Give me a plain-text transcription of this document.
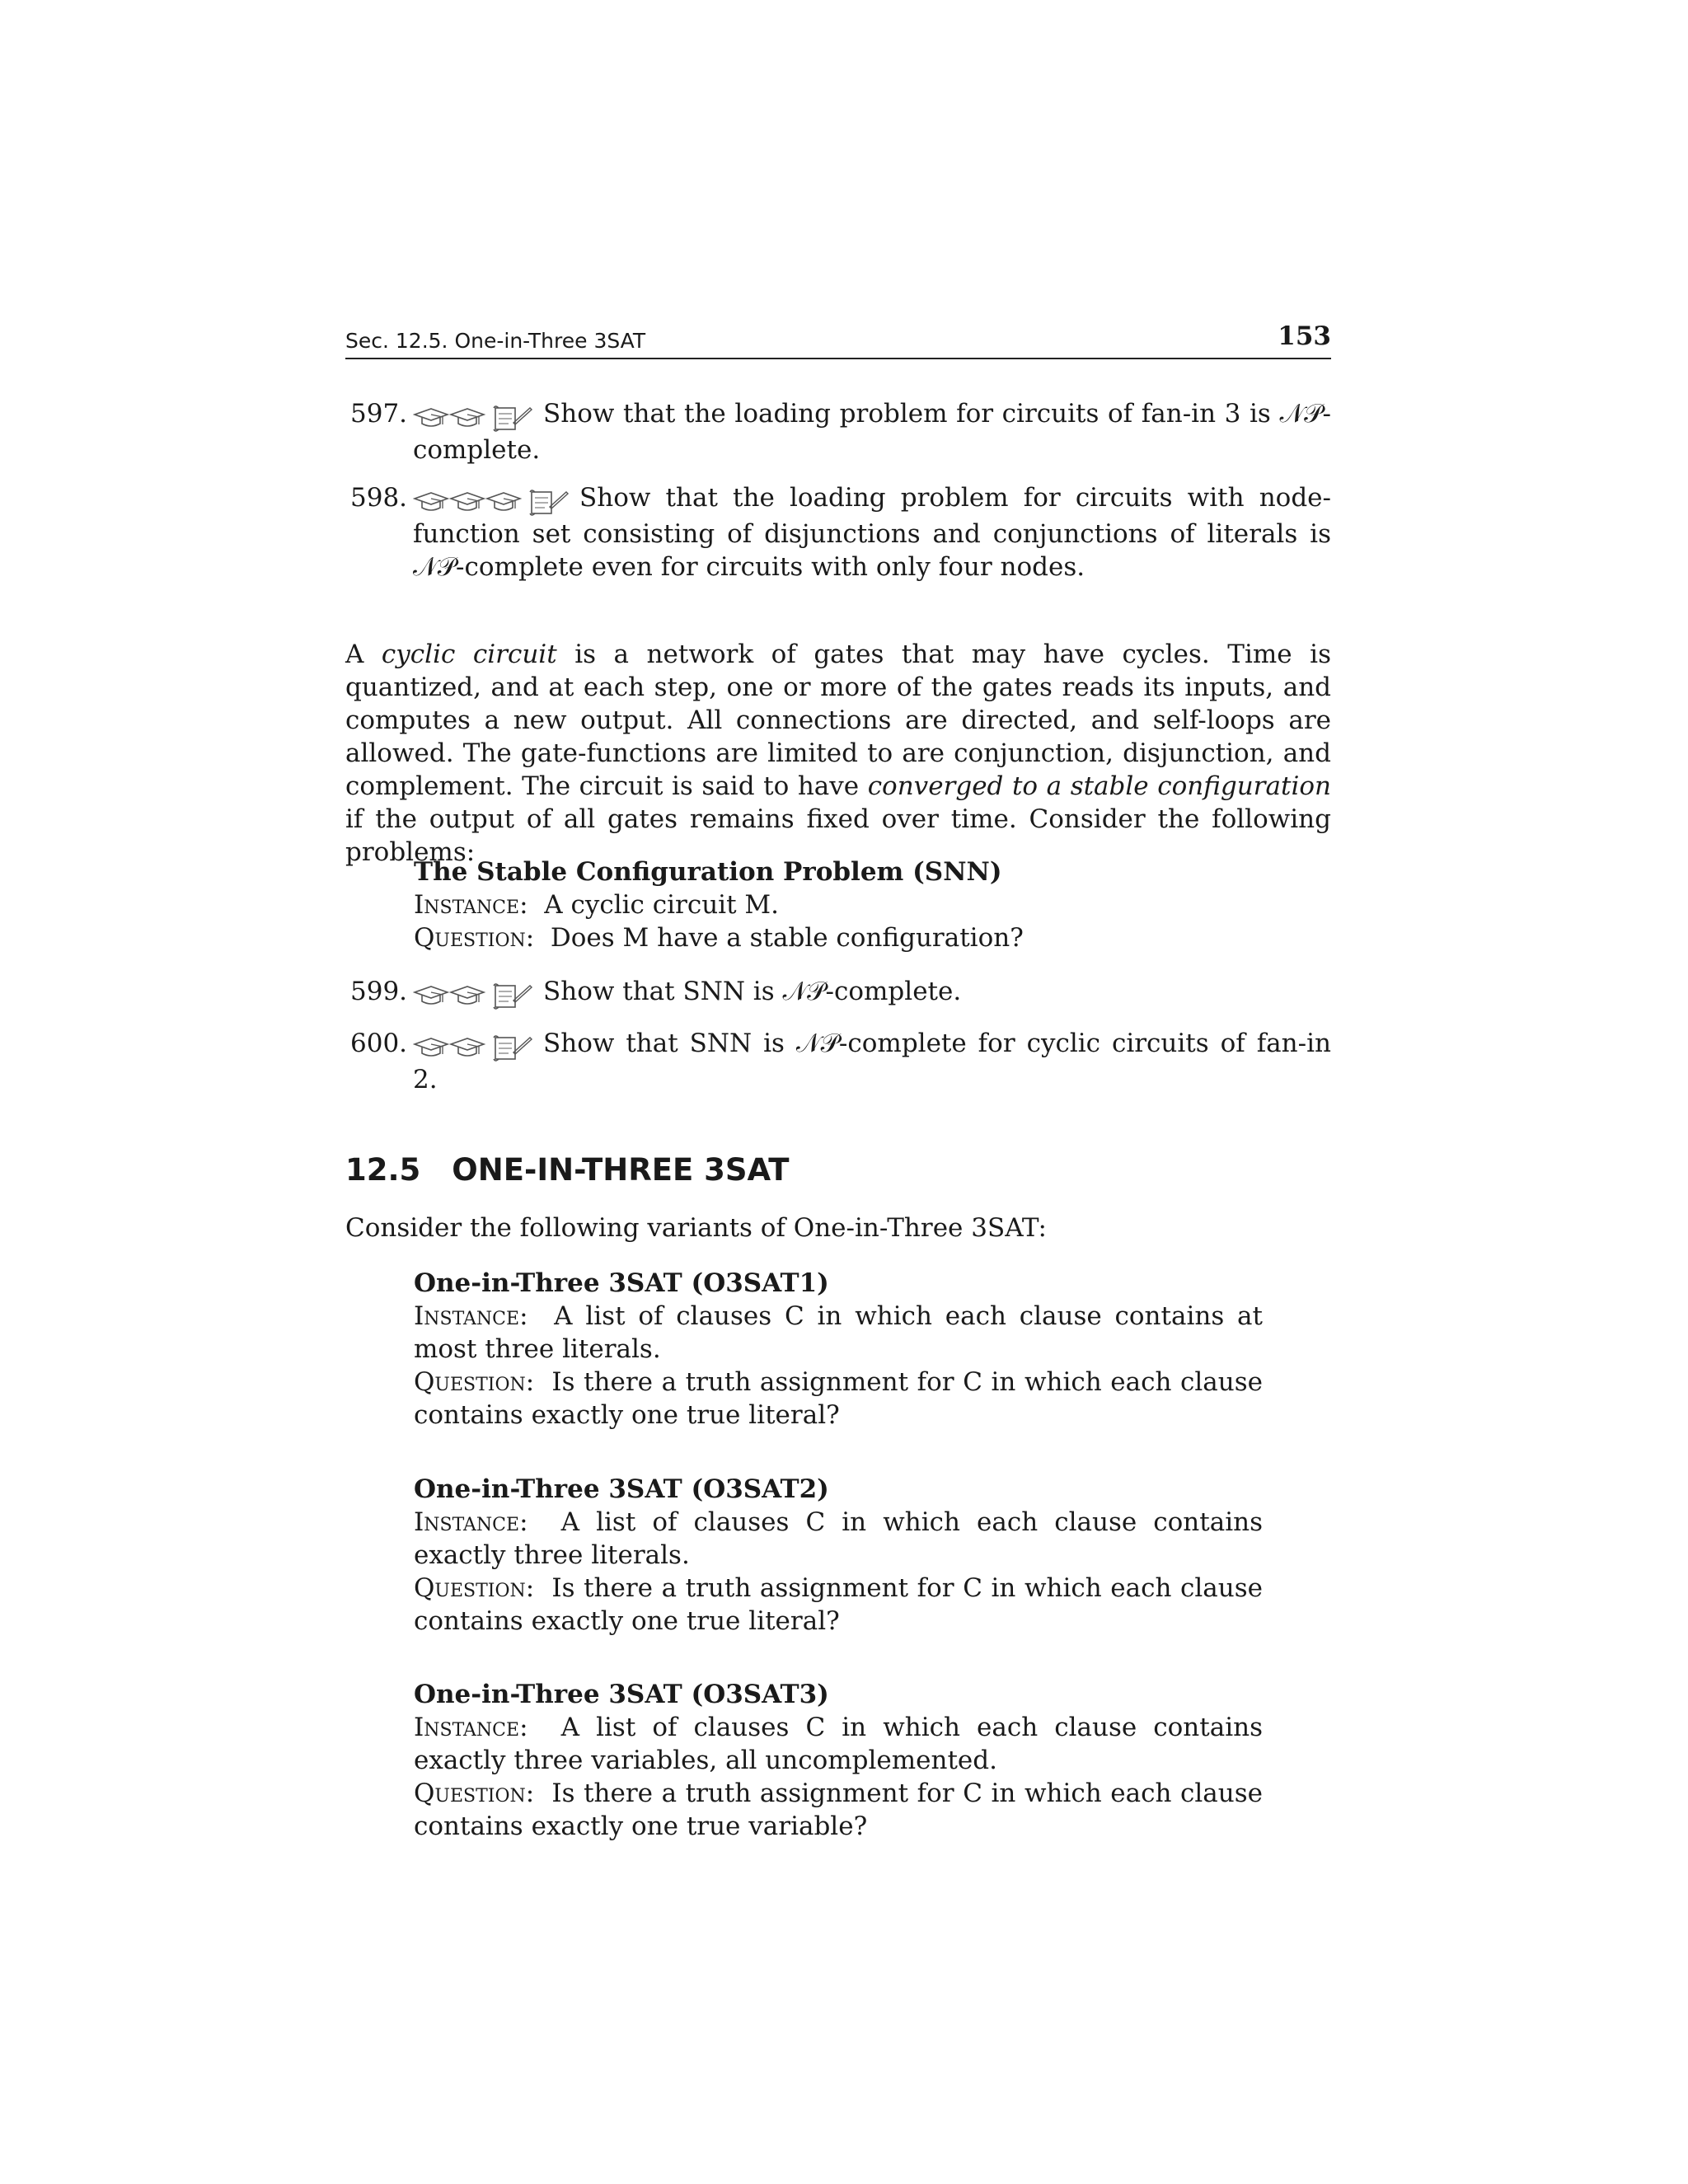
Sec. 12.5. One-in-Three 3SAT	153
597.	Show that the loading problem for circuits of fan-in 3 is 𝒩𝒫-complete.
598.	Show that the loading problem for circuits with node-function set consisting of disjunctions and conjunctions of literals is 𝒩𝒫-complete even for circuits with only four nodes.
A cyclic circuit is a network of gates that may have cycles. Time is quantized, and at each step, one or more of the gates reads its inputs, and computes a new output. All connections are directed, and self-loops are allowed. The gate-functions are limited to are conjunction, disjunction, and complement. The circuit is said to have converged to a stable configuration if the output of all gates remains fixed over time. Consider the following problems:
The Stable Configuration Problem (SNN)
Instance: A cyclic circuit M.
Question: Does M have a stable configuration?
599.	Show that SNN is 𝒩𝒫-complete.
600.	Show that SNN is 𝒩𝒫-complete for cyclic circuits of fan-in 2.
12.5 ONE-IN-THREE 3SAT
Consider the following variants of One-in-Three 3SAT:
One-in-Three 3SAT (O3SAT1)
Instance: A list of clauses C in which each clause contains at most three literals.
Question: Is there a truth assignment for C in which each clause contains exactly one true literal?
One-in-Three 3SAT (O3SAT2)
Instance: A list of clauses C in which each clause contains exactly three literals.
Question: Is there a truth assignment for C in which each clause contains exactly one true literal?
One-in-Three 3SAT (O3SAT3)
Instance: A list of clauses C in which each clause contains exactly three variables, all uncomplemented.
Question: Is there a truth assignment for C in which each clause contains exactly one true variable?
